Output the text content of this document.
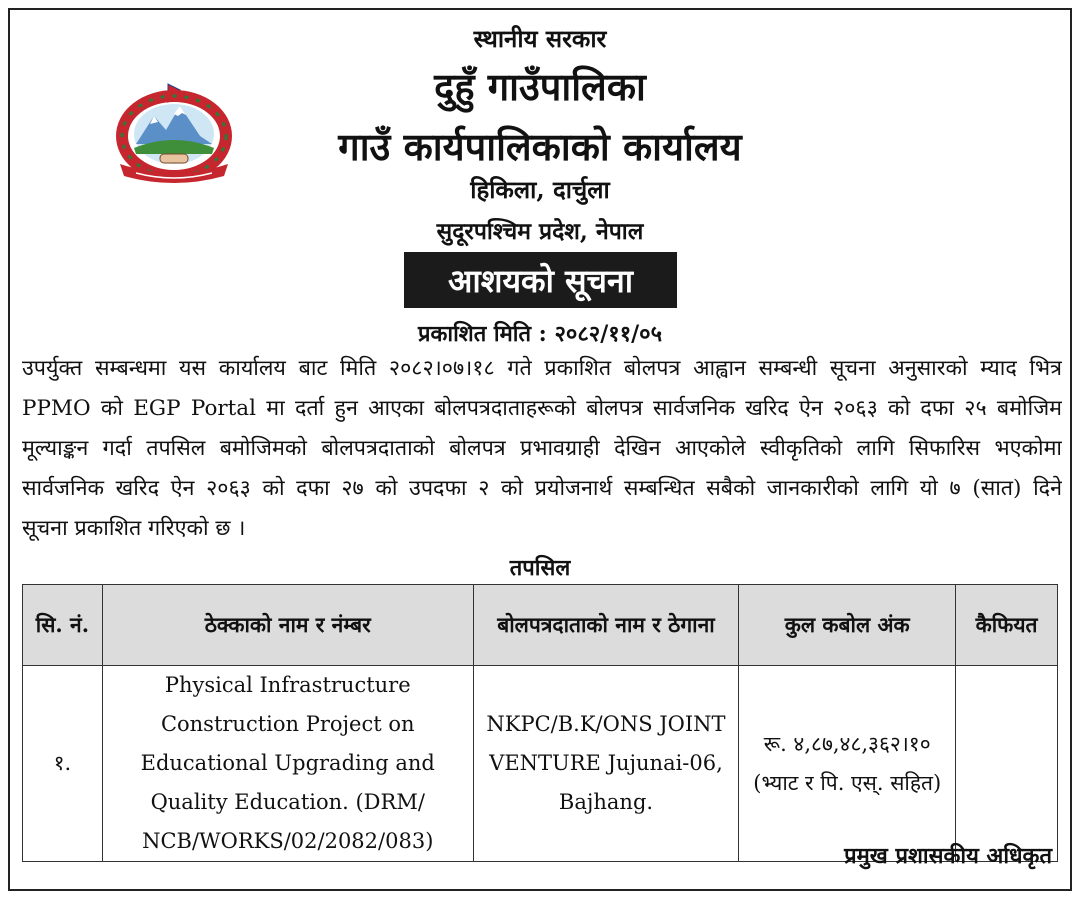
स्थानीय सरकार
दुहुँ गाउँपालिका
गाउँ कार्यपालिकाको कार्यालय
हिकिला, दार्चुला
सुदूरपश्चिम प्रदेश, नेपाल
आशयको सूचना
प्रकाशित मिति : २०८२/११/०५
उपर्युक्त सम्बन्धमा यस कार्यालय बाट मिति २०८२।०७।१८ गते प्रकाशित बोलपत्र आह्वान सम्बन्धी सूचना अनुसारको म्याद भित्र
PPMO को EGP Portal मा दर्ता हुन आएका बोलपत्रदाताहरूको बोलपत्र सार्वजनिक खरिद ऐन २०६३ को दफा २५ बमोजिम
मूल्याङ्कन गर्दा तपसिल बमोजिमको बोलपत्रदाताको बोलपत्र प्रभावग्राही देखिन आएकोले स्वीकृतिको लागि सिफारिस भएकोमा
सार्वजनिक खरिद ऐन २०६३ को दफा २७ को उपदफा २ को प्रयोजनार्थ सम्बन्धित सबैको जानकारीको लागि यो ७ (सात) दिने
सूचना प्रकाशित गरिएको छ ।
तपसिल
सि. नं.	ठेक्काको नाम र नंम्बर	बोलपत्रदाताको नाम र ठेगाना	कुल कबोल अंक	कैफियत
१.	Physical Infrastructure Construction Project on Educational Upgrading and Quality Education. (DRM/ NCB/WORKS/02/2082/083)	NKPC/B.K/ONS JOINT VENTURE Jujunai-06, Bajhang.	रू. ४,८७,४८,३६२।१०
(भ्याट र पि. एस्. सहित)	

प्रमुख प्रशासकीय अधिकृत
